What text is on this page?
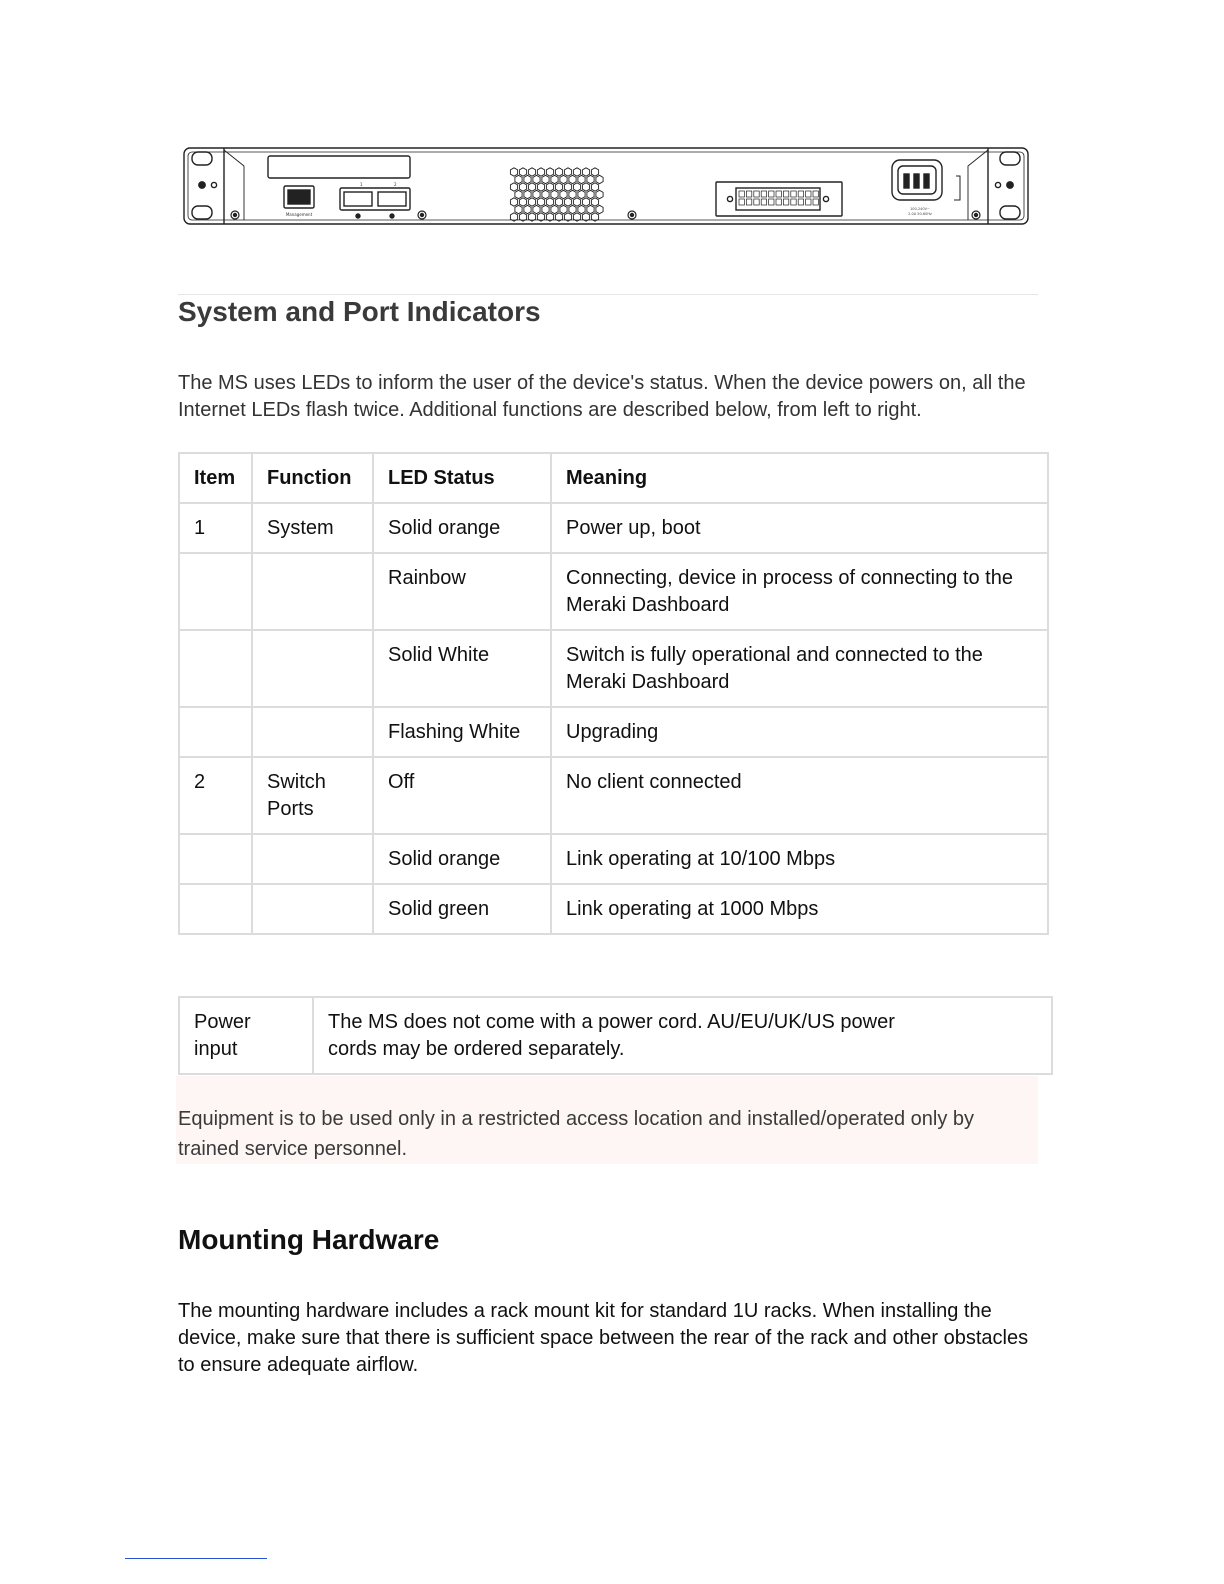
Management
1	2
100-240V~
2.0A 50-60Hz
System and Port Indicators

The MS uses LEDs to inform the user of the device's status. When the device powers on, all the Internet LEDs flash twice. Additional functions are described below, from left to right.

Item	Function	LED Status	Meaning
1	System	Solid orange	Power up, boot
		Rainbow	Connecting, device in process of connecting to the Meraki Dashboard
		Solid White	Switch is fully operational and connected to the Meraki Dashboard
		Flashing White	Upgrading
2	Switch Ports	Off	No client connected
		Solid orange	Link operating at 10/100 Mbps
		Solid green	Link operating at 1000 Mbps
Power input	The MS does not come with a power cord. AU/EU/UK/US power cords may be ordered separately.

Equipment is to be used only in a restricted access location and installed/operated only by trained service personnel.

Mounting Hardware

The mounting hardware includes a rack mount kit for standard 1U racks. When installing the device, make sure that there is sufficient space between the rear of the rack and other obstacles to ensure adequate airflow.
